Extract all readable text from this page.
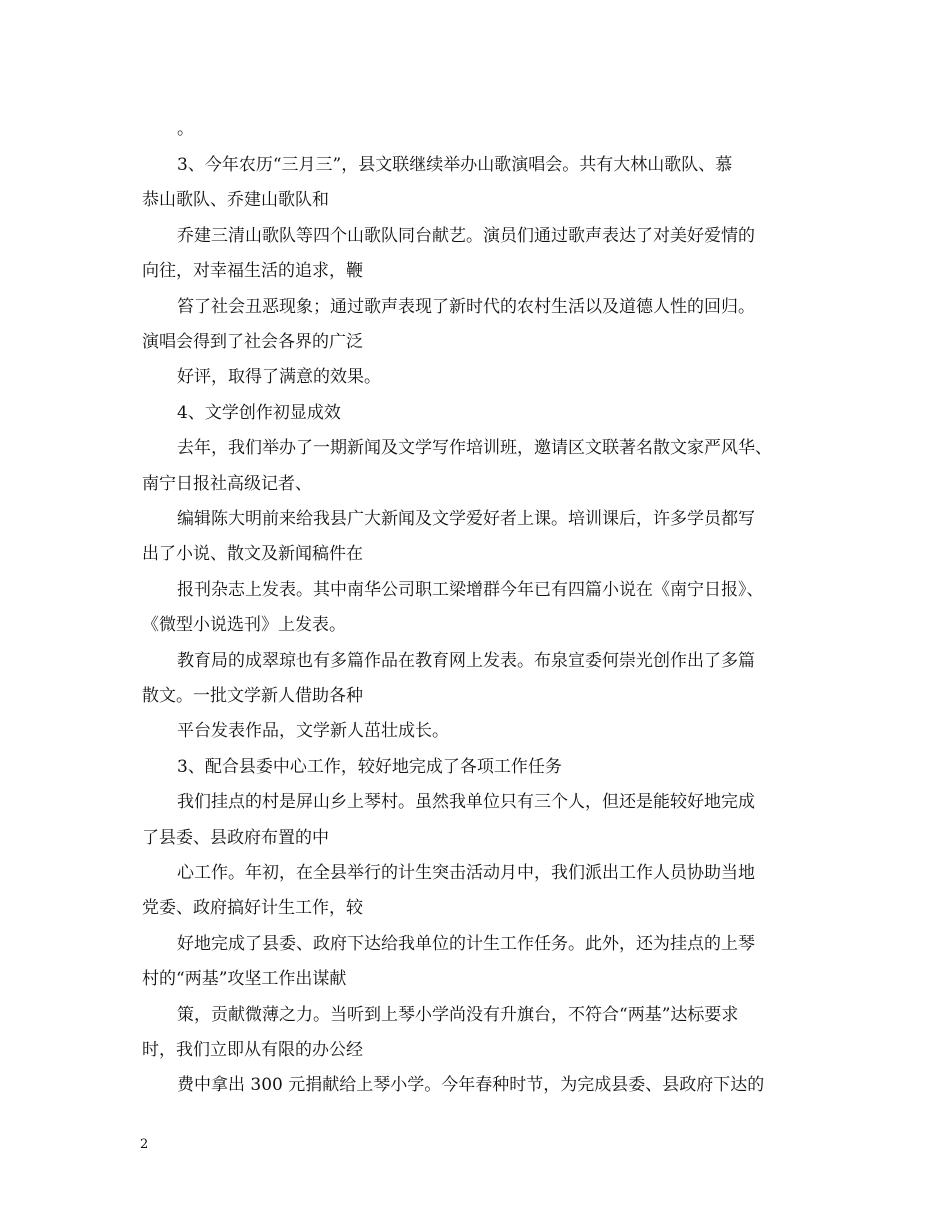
。
3、今年农历“三月三”，县文联继续举办山歌演唱会。共有大林山歌队、慕
恭山歌队、乔建山歌队和
乔建三清山歌队等四个山歌队同台献艺。演员们通过歌声表达了对美好爱情的
向往，对幸福生活的追求，鞭
笞了社会丑恶现象；通过歌声表现了新时代的农村生活以及道德人性的回归。
演唱会得到了社会各界的广泛
好评，取得了满意的效果。
4、文学创作初显成效
去年，我们举办了一期新闻及文学写作培训班，邀请区文联著名散文家严风华、
南宁日报社高级记者、
编辑陈大明前来给我县广大新闻及文学爱好者上课。培训课后，许多学员都写
出了小说、散文及新闻稿件在
报刊杂志上发表。其中南华公司职工梁增群今年已有四篇小说在《南宁日报》、
《微型小说选刊》上发表。
教育局的成翠琼也有多篇作品在教育网上发表。布泉宣委何崇光创作出了多篇
散文。一批文学新人借助各种
平台发表作品，文学新人茁壮成长。
3、配合县委中心工作，较好地完成了各项工作任务
我们挂点的村是屏山乡上琴村。虽然我单位只有三个人，但还是能较好地完成
了县委、县政府布置的中
心工作。年初，在全县举行的计生突击活动月中，我们派出工作人员协助当地
党委、政府搞好计生工作，较
好地完成了县委、政府下达给我单位的计生工作任务。此外，还为挂点的上琴
村的“两基”攻坚工作出谋献
策，贡献微薄之力。当听到上琴小学尚没有升旗台，不符合“两基”达标要求
时，我们立即从有限的办公经
费中拿出 300 元捐献给上琴小学。今年春种时节，为完成县委、县政府下达的
2
